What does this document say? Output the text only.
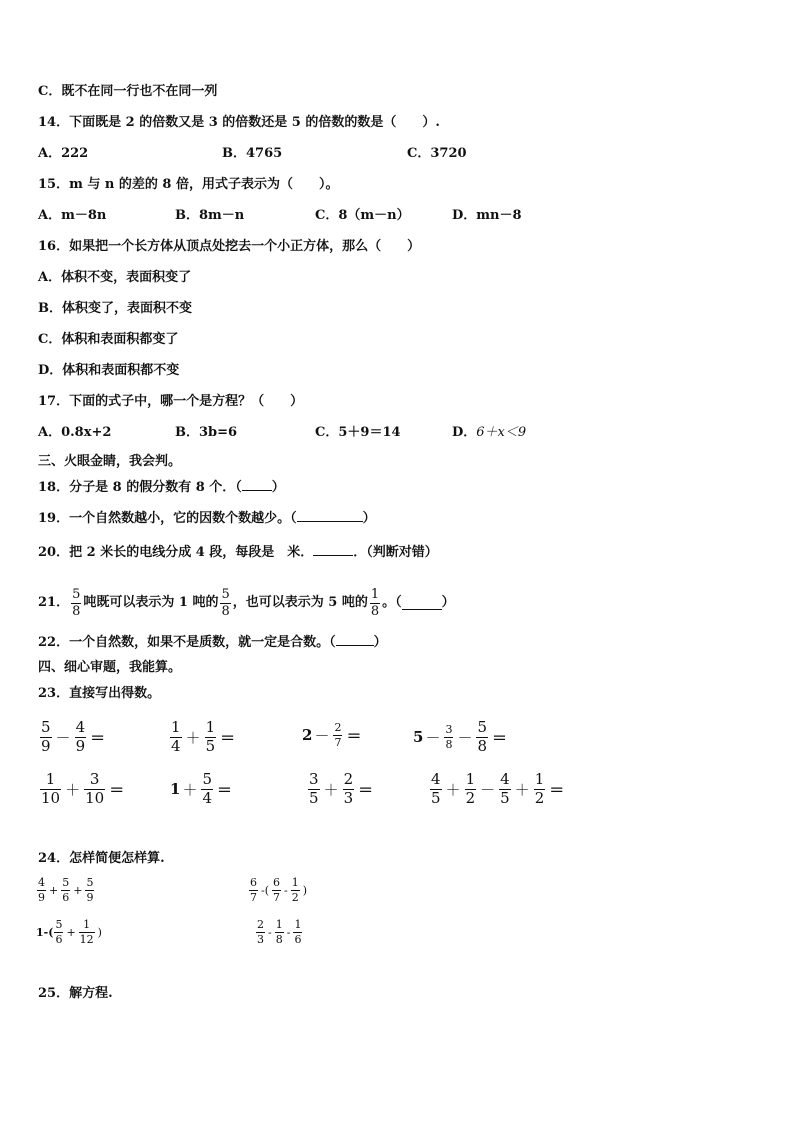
C．既不在同一行也不在同一列
14．下面既是 2 的倍数又是 3 的倍数还是 5 的倍数的数是（　　）.
A．222	B．4765	C．3720
15．m 与 n 的差的 8 倍，用式子表示为（　　）。
A．m－8n	B．8m－n	C．8（m－n）	D．mn－8
16．如果把一个长方体从顶点处挖去一个小正方体，那么（　　）
A．体积不变，表面积变了
B．体积变了，表面积不变
C．体积和表面积都变了
D．体积和表面积都不变
17．下面的式子中，哪一个是方程？（　　）
A．0.8x+2	B．3b=6	C．5＋9＝14	D．6＋x＜9
三、火眼金睛，我会判。
18．分子是 8 的假分数有 8 个．（ ）
19．一个自然数越小，它的因数个数越少。（	）
20．把 2 米长的电线分成 4 段，每段是　米．	．（判断对错）
21． $\frac{5}{8}$ 吨既可以表示为 1 吨的 $\frac{5}{8}$ ，也可以表示为 5 吨的 $\frac{1}{8}$ 。（	）
22．一个自然数，如果不是质数，就一定是合数。（	）
四、细心审题，我能算。
23．直接写出得数。
$\frac{5}{9} - \frac{4}{9}$ ＝	$\frac{1}{4} + \frac{1}{5}$ ＝	$2 - \frac{2}{7}$ ＝	$5 - \frac{3}{8} - \frac{5}{8}$ ＝
$\frac{1}{10} + \frac{3}{10}$ ＝	$1 + \frac{5}{4}$ ＝	$\frac{3}{5} + \frac{2}{3}$ ＝	$\frac{4}{5} + \frac{1}{2} - \frac{4}{5} + \frac{1}{2}$ ＝
24．怎样简便怎样算.
$\frac{4}{9} + \frac{5}{6} + \frac{5}{9}$	$\frac{6}{7}$ -( $\frac{6}{7} - \frac{1}{2}$ )
$1-( \frac{5}{6} + \frac{1}{12}$ )	$\frac{2}{3} - \frac{1}{8} - \frac{1}{6}$
25．解方程.
